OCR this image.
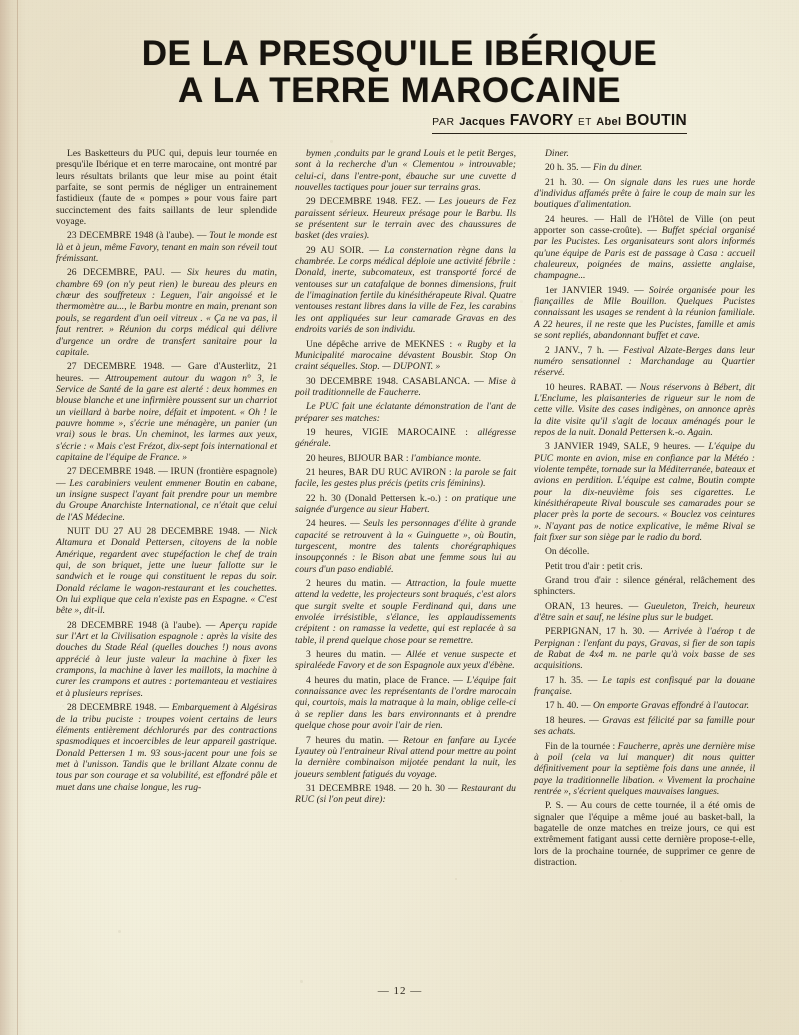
DE LA PRESQU'ILE IBÉRIQUE
A LA TERRE MAROCAINE
PAR Jacques FAVORY ET Abel BOUTIN

Les Basketteurs du PUC qui, depuis leur tournée en presqu'ile Ibérique et en terre marocaine, ont montré par leurs résultats brilants que leur mise au point était parfaite, se sont permis de négliger un entrainement fastidieux (faute de « pompes » pour vous faire part succinctement des faits saillants de leur splendide voyage.

23 DECEMBRE 1948 (à l'aube). — Tout le monde est là et à jeun, même Favory, tenant en main son réveil tout frémissant.

26 DECEMBRE, PAU. — Six heures du matin, chambre 69 (on n'y peut rien) le bureau des pleurs en chœur des souffreteux : Leguen, l'air angoissé et le thermomètre au..., le Barbu montre en main, prenant son pouls, se regardent d'un oeil vitreux . « Ça ne va pas, il faut rentrer. » Réunion du corps médical qui délivre d'urgence un ordre de transfert sanitaire pour la capitale.

27 DECEMBRE 1948. — Gare d'Austerlitz, 21 heures. — Attroupement autour du wagon n° 3, le Service de Santé de la gare est alerté : deux hommes en blouse blanche et une infirmière poussent sur un charriot un vieillard à barbe noire, défait et impotent. « Oh ! le pauvre homme », s'écrie une ménagère, un panier (un vrai) sous le bras. Un cheminot, les larmes aux yeux, s'écrie : « Mais c'est Frézot, dix-sept fois international et capitaine de l'équipe de France. »

27 DECEMBRE 1948. — IRUN (frontière espagnole) — Les carabiniers veulent emmener Boutin en cabane, un insigne suspect l'ayant fait prendre pour un membre du Groupe Anarchiste International, ce n'était que celui de l'AS Médecine.

NUIT DU 27 AU 28 DECEMBRE 1948. — Nick Altamura et Donald Pettersen, citoyens de la noble Amérique, regardent avec stupéfaction le chef de train qui, de son briquet, jette une lueur fallotte sur le sandwich et le rouge qui constituent le repas du soir. Donald réclame le wagon-restaurant et les couchettes. On lui explique que cela n'existe pas en Espagne. « C'est bête », dit-il.

28 DECEMBRE 1948 (à l'aube). — Aperçu rapide sur l'Art et la Civilisation espagnole : après la visite des douches du Stade Réal (quelles douches !) nous avons apprécié à leur juste valeur la machine à fixer les crampons, la machine à laver les maillots, la machine à curer les crampons et autres : portemanteau et vestiaires et à plusieurs reprises.

28 DECEMBRE 1948. — Embarquement à Algésiras de la tribu puciste : troupes voient certains de leurs éléments entièrement déchlorurés par des contractions spasmodiques et incoercibles de leur appareil gastrique. Donald Pettersen 1 m. 93 sous-jacent pour une fois se met à l'unisson. Tandis que le brillant Alzate connu de tous par son courage et sa volubilité, est effondré pâle et muet dans une chaise longue, les rug-

bymen ,conduits par le grand Louis et le petit Berges, sont à la recherche d'un « Clementou » introuvable; celui-ci, dans l'entre-pont, ébauche sur une cuvette d nouvelles tactiques pour jouer sur terrains gras.

29 DECEMBRE 1948. FEZ. — Les joueurs de Fez paraissent sérieux. Heureux présage pour le Barbu. Ils se présentent sur le terrain avec des chaussures de basket (des vraies).

29 AU SOIR. — La consternation règne dans la chambrée. Le corps médical déploie une activité fébrile : Donald, inerte, subcomateux, est transporté forcé de ventouses sur un catafalque de bonnes dimensions, fruit de l'imagination fertile du kinésithérapeute Rival. Quatre ventouses restant libres dans la ville de Fez, les carabins les ont appliquées sur leur camarade Gravas en des endroits variés de son individu.

Une dépêche arrive de MEKNES : « Rugby et la Municipalité marocaine dévastent Bousbir. Stop On craint séquelles. Stop. — DUPONT. »

30 DECEMBRE 1948. CASABLANCA. — Mise à poil traditionnelle de Faucherre.

Le PUC fait une éclatante démonstration de l'ant de préparer ses matches:

19 heures, VIGIE MAROCAINE : allégresse générale.

20 heures, BIJOUR BAR : l'ambiance monte.

21 heures, BAR DU RUC AVIRON : la parole se fait facile, les gestes plus précis (petits cris féminins).

22 h. 30 (Donald Pettersen k.-o.) : on pratique une saignée d'urgence au sieur Habert.

24 heures. — Seuls les personnages d'élite à grande capacité se retrouvent à la « Guinguette », où Boutin, turgescent, montre des talents chorégraphiques insoupçonnés : le Bison abat une femme sous lui au cours d'un paso endiablé.

2 heures du matin. — Attraction, la foule muette attend la vedette, les projecteurs sont braqués, c'est alors que surgit svelte et souple Ferdinand qui, dans une envolée irrésistible, s'élance, les applaudissements crépitent : on ramasse la vedette, qui est replacée à sa table, il prend quelque chose pour se remettre.

3 heures du matin. — Allée et venue suspecte et spiraléede Favory et de son Espagnole aux yeux d'ébène.

4 heures du matin, place de France. — L'équipe fait connaissance avec les représentants de l'ordre marocain qui, courtois, mais la matraque à la main, oblige celle-ci à se replier dans les bars environnants et à prendre quelque chose pour avoir l'air de rien.

7 heures du matin. — Retour en fanfare au Lycée Lyautey où l'entraineur Rival attend pour mettre au point la dernière combinaison mijotée pendant la nuit, les joueurs semblent fatigués du voyage.

31 DECEMBRE 1948. — 20 h. 30 — Restaurant du RUC (si l'on peut dire):

Diner.

20 h. 35. — Fin du diner.

21 h. 30. — On signale dans les rues une horde d'individus affamés prête à faire le coup de main sur les boutiques d'alimentation.

24 heures. — Hall de l'Hôtel de Ville (on peut apporter son casse-croûte). — Buffet spécial organisé par les Pucistes. Les organisateurs sont alors informés qu'une équipe de Paris est de passage à Casa : accueil chaleureux, poignées de mains, assiette anglaise, champagne...

1er JANVIER 1949. — Soirée organisée pour les fiançailles de Mlle Bouillon. Quelques Pucistes connaissant les usages se rendent à la réunion familiale. A 22 heures, il ne reste que les Pucistes, famille et amis se sont repliés, abandonnant buffet et cave.

2 JANV., 7 h. — Festival Alzate-Berges dans leur numéro sensationnel : Marchandage au Quartier réservé.

10 heures. RABAT. — Nous réservons à Bébert, dit L'Enclume, les plaisanteries de rigueur sur le nom de cette ville. Visite des cases indigènes, on annonce après la dite visite qu'il s'agit de locaux aménagés pour le repos de la nuit. Donald Pettersen k.-o. Again.

3 JANVIER 1949, SALE, 9 heures. — L'équipe du PUC monte en avion, mise en confiance par la Météo : violente tempête, tornade sur la Méditerranée, bateaux et avions en perdition. L'équipe est calme, Boutin compte pour la dix-neuvième fois ses cigarettes. Le kinésithérapeute Rival bouscule ses camarades pour se placer près la porte de secours. « Bouclez vos ceintures ». N'ayant pas de notice explicative, le même Rival se fait fixer sur son siège par le radio du bord.

On décolle.

Petit trou d'air : petit cris.

Grand trou d'air : silence général, relâchement des sphincters.

ORAN, 13 heures. — Gueuleton, Treich, heureux d'être sain et sauf, ne lésine plus sur le budget.

PERPIGNAN, 17 h. 30. — Arrivée à l'aérop t de Perpignan : l'enfant du pays, Gravas, si fier de son tapis de Rabat de 4x4 m. ne parle qu'à voix basse de ses acquisitions.

17 h. 35. — Le tapis est confisqué par la douane française.

17 h. 40. — On emporte Gravas effondré à l'autocar.

18 heures. — Gravas est félicité par sa famille pour ses achats.

Fin de la tournée : Faucherre, après une dernière mise à poil (cela va lui manquer) dit nous quitter définitivement pour la septième fois dans une année, il paye la traditionnelle libation. « Vivement la prochaine rentrée », s'écrient quelques mauvaises langues.

P. S. — Au cours de cette tournée, il a été omis de signaler que l'équipe a même joué au basket-ball, la bagatelle de onze matches en treize jours, ce qui est extrêmement fatigant aussi cette dernière propose-t-elle, lors de la prochaine tournée, de supprimer ce genre de distraction.

— 12 —
